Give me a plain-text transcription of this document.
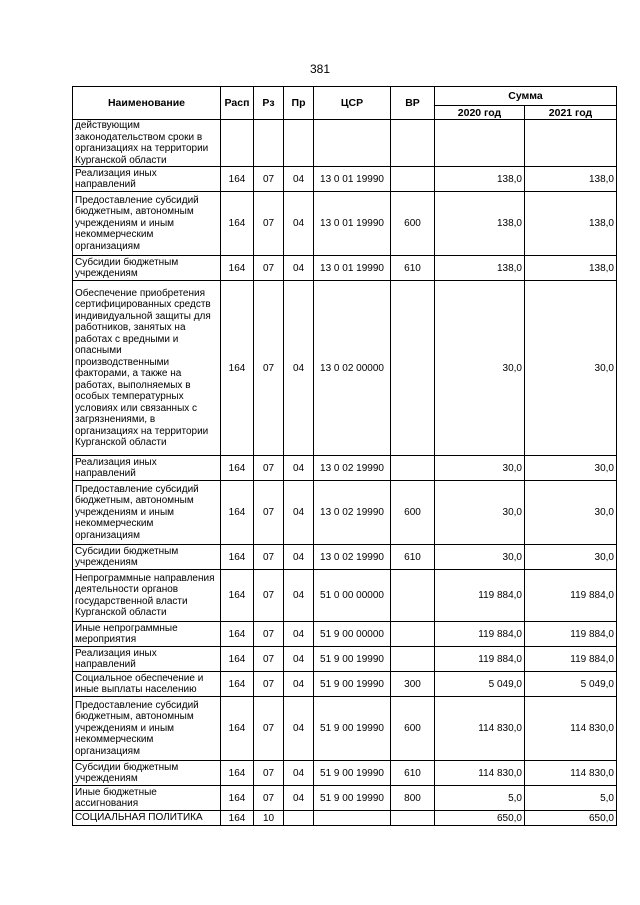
381
Наименование	Расп	Рз	Пр	ЦСР	ВР	Сумма	
						2020 год	2021 год
действующим законодательством сроки в организациях на территории Курганской области							
Реализация иных направлений	164	07	04	13 0 01 19990		138,0	138,0
Предоставление субсидий бюджетным, автономным учреждениям и иным некоммерческим организациям	164	07	04	13 0 01 19990	600	138,0	138,0
Субсидии бюджетным учреждениям	164	07	04	13 0 01 19990	610	138,0	138,0
Обеспечение приобретения сертифицированных средств индивидуальной защиты для работников, занятых на работах с вредными и опасными производственными факторами, а также на работах, выполняемых в особых температурных условиях или связанных с загрязнениями, в организациях на территории Курганской области	164	07	04	13 0 02 00000		30,0	30,0
Реализация иных направлений	164	07	04	13 0 02 19990		30,0	30,0
Предоставление субсидий бюджетным, автономным учреждениям и иным некоммерческим организациям	164	07	04	13 0 02 19990	600	30,0	30,0
Субсидии бюджетным учреждениям	164	07	04	13 0 02 19990	610	30,0	30,0
Непрограммные направления деятельности органов государственной власти Курганской области	164	07	04	51 0 00 00000		119 884,0	119 884,0
Иные непрограммные мероприятия	164	07	04	51 9 00 00000		119 884,0	119 884,0
Реализация иных направлений	164	07	04	51 9 00 19990		119 884,0	119 884,0
Социальное обеспечение и иные выплаты населению	164	07	04	51 9 00 19990	300	5 049,0	5 049,0
Предоставление субсидий бюджетным, автономным учреждениям и иным некоммерческим организациям	164	07	04	51 9 00 19990	600	114 830,0	114 830,0
Субсидии бюджетным учреждениям	164	07	04	51 9 00 19990	610	114 830,0	114 830,0
Иные бюджетные ассигнования	164	07	04	51 9 00 19990	800	5,0	5,0
СОЦИАЛЬНАЯ ПОЛИТИКА	164	10				650,0	650,0
